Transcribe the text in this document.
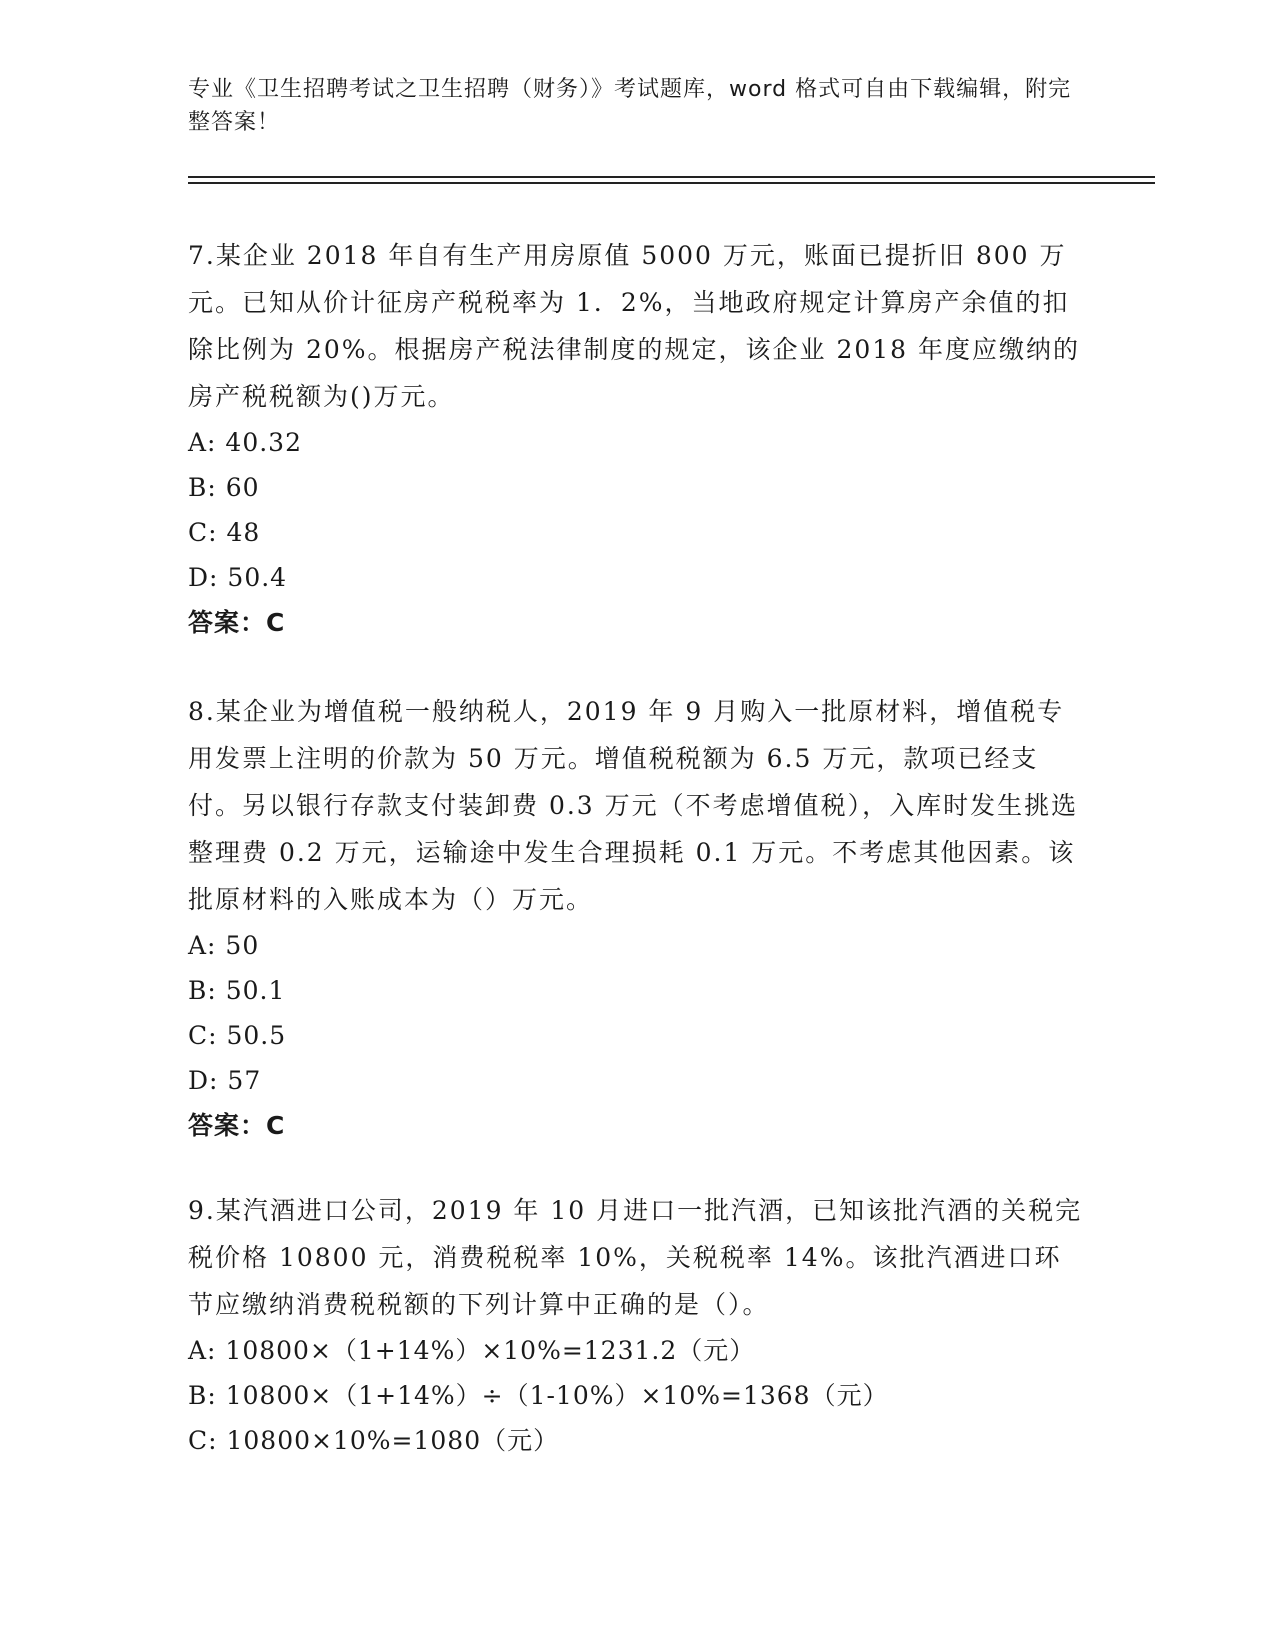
专业《卫生招聘考试之卫生招聘（财务）》考试题库，word 格式可自由下载编辑，附完整答案！

7.某企业 2018 年自有生产用房原值 5000 万元，账面已提折旧 800 万元。已知从价计征房产税税率为 1．2%，当地政府规定计算房产余值的扣除比例为 20%。根据房产税法律制度的规定，该企业 2018 年度应缴纳的房产税税额为()万元。

A: 40.32

B: 60

C: 48

D: 50.4

答案：C

8.某企业为增值税一般纳税人，2019 年 9 月购入一批原材料，增值税专用发票上注明的价款为 50 万元。增值税税额为 6.5 万元，款项已经支付。另以银行存款支付装卸费 0.3 万元（不考虑增值税），入库时发生挑选整理费 0.2 万元，运输途中发生合理损耗 0.1 万元。不考虑其他因素。该批原材料的入账成本为（）万元。

A: 50

B: 50.1

C: 50.5

D: 57

答案：C

9.某汽酒进口公司，2019 年 10 月进口一批汽酒，已知该批汽酒的关税完税价格 10800 元，消费税税率 10%，关税税率 14%。该批汽酒进口环节应缴纳消费税税额的下列计算中正确的是（）。

A: 10800×（1+14%）×10%=1231.2（元）

B: 10800×（1+14%）÷（1-10%）×10%=1368（元）

C: 10800×10%=1080（元）
